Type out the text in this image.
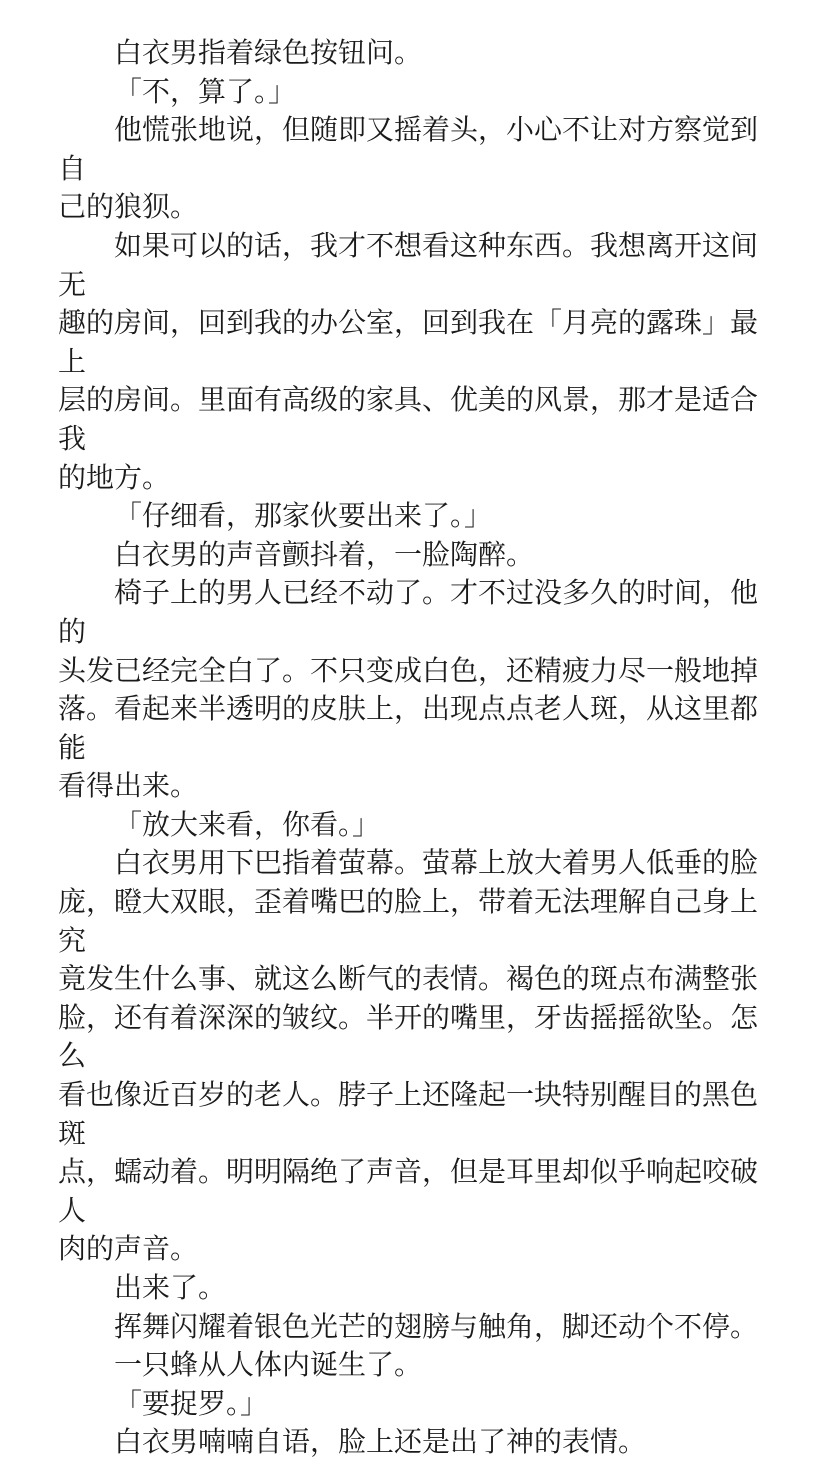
白衣男指着绿色按钮问。

「不，算了。」

他慌张地说，但随即又摇着头，小心不让对方察觉到自
己的狼狈。

如果可以的话，我才不想看这种东西。我想离开这间无
趣的房间，回到我的办公室，回到我在「月亮的露珠」最上
层的房间。里面有高级的家具、优美的风景，那才是适合我
的地方。

「仔细看，那家伙要出来了。」

白衣男的声音颤抖着，一脸陶醉。

椅子上的男人已经不动了。才不过没多久的时间，他的
头发已经完全白了。不只变成白色，还精疲力尽一般地掉
落。看起来半透明的皮肤上，出现点点老人斑，从这里都能
看得出来。

「放大来看，你看。」

白衣男用下巴指着萤幕。萤幕上放大着男人低垂的脸
庞，瞪大双眼，歪着嘴巴的脸上，带着无法理解自己身上究
竟发生什么事、就这么断气的表情。褐色的斑点布满整张
脸，还有着深深的皱纹。半开的嘴里，牙齿摇摇欲坠。怎么
看也像近百岁的老人。脖子上还隆起一块特别醒目的黑色斑
点，蠕动着。明明隔绝了声音，但是耳里却似乎响起咬破人
肉的声音。

出来了。

挥舞闪耀着银色光芒的翅膀与触角，脚还动个不停。

一只蜂从人体内诞生了。

「要捉罗。」

白衣男喃喃自语，脸上还是出了神的表情。
